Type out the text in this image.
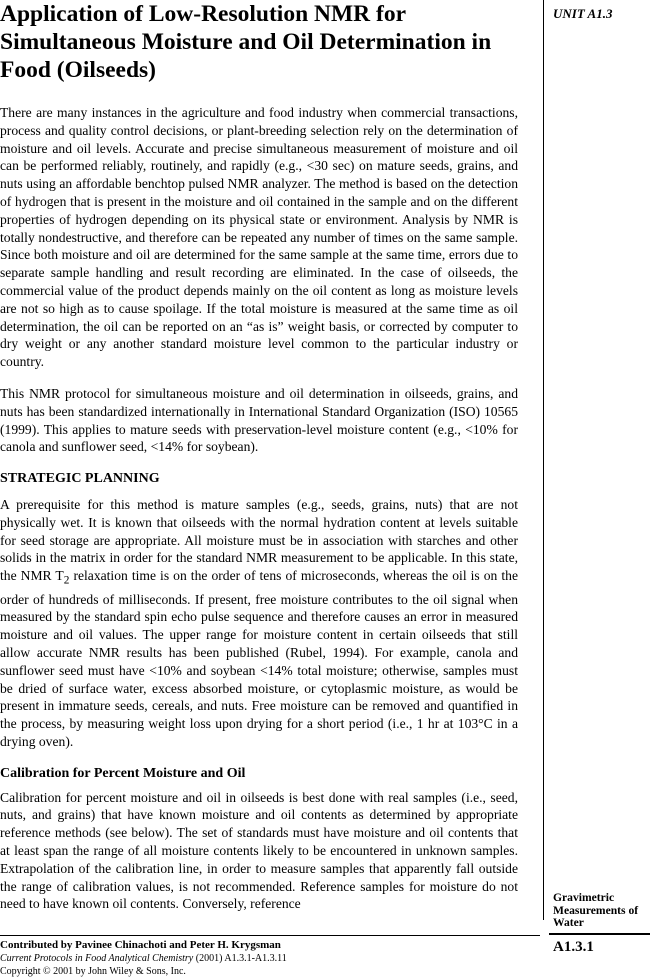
Application of Low-Resolution NMR for Simultaneous Moisture and Oil Determination in Food (Oilseeds)
UNIT A1.3

There are many instances in the agriculture and food industry when commercial transactions, process and quality control decisions, or plant-breeding selection rely on the determination of moisture and oil levels. Accurate and precise simultaneous measurement of moisture and oil can be performed reliably, routinely, and rapidly (e.g., <30 sec) on mature seeds, grains, and nuts using an affordable benchtop pulsed NMR analyzer. The method is based on the detection of hydrogen that is present in the moisture and oil contained in the sample and on the different properties of hydrogen depending on its physical state or environment. Analysis by NMR is totally nondestructive, and therefore can be repeated any number of times on the same sample. Since both moisture and oil are determined for the same sample at the same time, errors due to separate sample handling and result recording are eliminated. In the case of oilseeds, the commercial value of the product depends mainly on the oil content as long as moisture levels are not so high as to cause spoilage. If the total moisture is measured at the same time as oil determination, the oil can be reported on an “as is” weight basis, or corrected by computer to dry weight or any another standard moisture level common to the particular industry or country.

This NMR protocol for simultaneous moisture and oil determination in oilseeds, grains, and nuts has been standardized internationally in International Standard Organization (ISO) 10565 (1999). This applies to mature seeds with preservation-level moisture content (e.g., <10% for canola and sunflower seed, <14% for soybean).

STRATEGIC PLANNING

A prerequisite for this method is mature samples (e.g., seeds, grains, nuts) that are not physically wet. It is known that oilseeds with the normal hydration content at levels suitable for seed storage are appropriate. All moisture must be in association with starches and other solids in the matrix in order for the standard NMR measurement to be applicable. In this state, the NMR $T_2$ relaxation time is on the order of tens of microseconds, whereas the oil is on the order of hundreds of milliseconds. If present, free moisture contributes to the oil signal when measured by the standard spin echo pulse sequence and therefore causes an error in measured moisture and oil values. The upper range for moisture content in certain oilseeds that still allow accurate NMR results has been published (Rubel, 1994). For example, canola and sunflower seed must have <10% and soybean <14% total moisture; otherwise, samples must be dried of surface water, excess absorbed moisture, or cytoplasmic moisture, as would be present in immature seeds, cereals, and nuts. Free moisture can be removed and quantified in the process, by measuring weight loss upon drying for a short period (i.e., 1 hr at 103°C in a drying oven).

Calibration for Percent Moisture and Oil

Calibration for percent moisture and oil in oilseeds is best done with real samples (i.e., seed, nuts, and grains) that have known moisture and oil contents as determined by appropriate reference methods (see below). The set of standards must have moisture and oil contents that at least span the range of all moisture contents likely to be encountered in unknown samples. Extrapolation of the calibration line, in order to measure samples that apparently fall outside the range of calibration values, is not recommended. Reference samples for moisture do not need to have known oil contents. Conversely, reference	Gravimetric Measurements of Water
Contributed by Pavinee Chinachoti and Peter H. Krygsman
Current Protocols in Food Analytical Chemistry (2001) A1.3.1-A1.3.11
Copyright © 2001 by John Wiley & Sons, Inc.
A1.3.1
